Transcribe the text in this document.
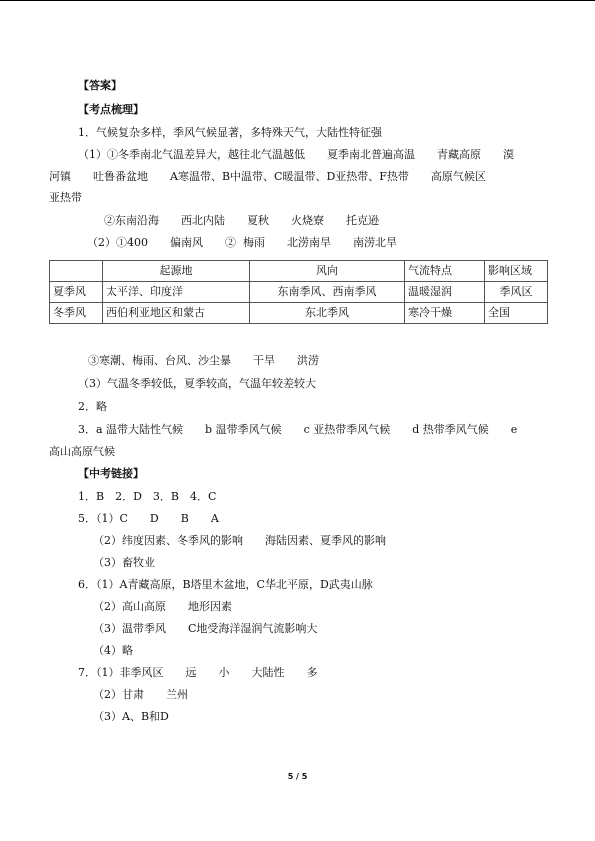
【答案】
【考点梳理】
1．气候复杂多样，季风气候显著，多特殊天气，大陆性特征强
（1）①冬季南北气温差异大，越往北气温越低　　夏季南北普遍高温　　青藏高原　　漠
河镇　　吐鲁番盆地　　A寒温带、B中温带、C暖温带、D亚热带、F热带　　高原气候区
亚热带
②东南沿海　　西北内陆　　夏秋　　火烧寮　　托克逊
（2）①400　　偏南风　　②  梅雨　　北涝南旱　　南涝北旱
	起源地	风向	气流特点	影响区域
夏季风	太平洋、印度洋	东南季风、西南季风	温暖湿润	季风区
冬季风	西伯利亚地区和蒙古	东北季风	寒冷干燥	全国
③寒潮、梅雨、台风、沙尘暴　　干旱　　洪涝
（3）气温冬季较低，夏季较高，气温年较差较大
2．略
3．a 温带大陆性气候　　b 温带季风气候　　c 亚热带季风气候　　d 热带季风气候　　e
高山高原气候
【中考链接】
1．B　2．D　3．B　4．C
5．（1）C　　D　　B　　A
（2）纬度因素、冬季风的影响　　海陆因素、夏季风的影响
（3）畜牧业
6．（1）A青藏高原，B塔里木盆地，C华北平原，D武夷山脉
（2）高山高原　　地形因素
（3）温带季风　　C地受海洋湿润气流影响大
（4）略
7．（1）非季风区　　远　　小　　大陆性　　多
（2）甘肃　　兰州
（3）A、B和D
5 / 5
